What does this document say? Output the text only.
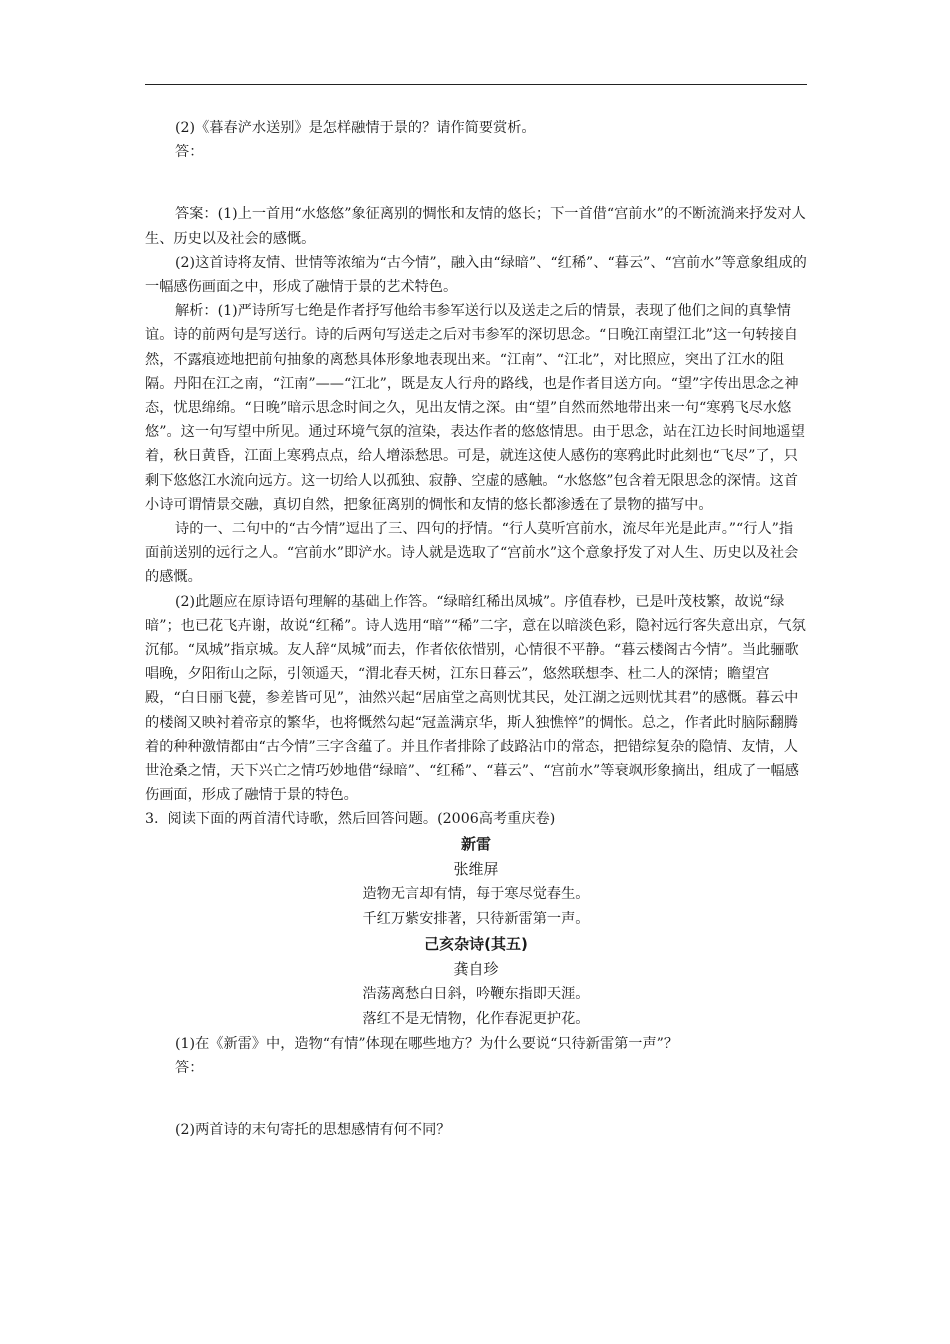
(2)《暮春浐水送别》是怎样融情于景的？请作简要赏析。

答：

答案：(1)上一首用“水悠悠”象征离别的惆怅和友情的悠长；下一首借“宫前水”的不断流淌来抒发对人生、历史以及社会的感慨。

(2)这首诗将友情、世情等浓缩为“古今情”，融入由“绿暗”、“红稀”、“暮云”、“宫前水”等意象组成的一幅感伤画面之中，形成了融情于景的艺术特色。

解析：(1)严诗所写七绝是作者抒写他给韦参军送行以及送走之后的情景，表现了他们之间的真挚情谊。诗的前两句是写送行。诗的后两句写送走之后对韦参军的深切思念。“日晚江南望江北”这一句转接自然，不露痕迹地把前句抽象的离愁具体形象地表现出来。“江南”、“江北”，对比照应，突出了江水的阻隔。丹阳在江之南，“江南”——“江北”，既是友人行舟的路线，也是作者目送方向。“望”字传出思念之神态，忧思绵绵。“日晚”暗示思念时间之久，见出友情之深。由“望”自然而然地带出来一句“寒鸦飞尽水悠悠”。这一句写望中所见。通过环境气氛的渲染，表达作者的悠悠情思。由于思念，站在江边长时间地遥望着，秋日黄昏，江面上寒鸦点点，给人增添愁思。可是，就连这使人感伤的寒鸦此时此刻也“飞尽”了，只剩下悠悠江水流向远方。这一切给人以孤独、寂静、空虚的感触。“水悠悠”包含着无限思念的深情。这首小诗可谓情景交融，真切自然，把象征离别的惆怅和友情的悠长都渗透在了景物的描写中。

诗的一、二句中的“古今情”逗出了三、四句的抒情。“行人莫听宫前水，流尽年光是此声。”“行人”指面前送别的远行之人。“宫前水”即浐水。诗人就是选取了“宫前水”这个意象抒发了对人生、历史以及社会的感慨。

(2)此题应在原诗语句理解的基础上作答。“绿暗红稀出凤城”。序值春杪，已是叶茂枝繁，故说“绿暗”；也已花飞卉谢，故说“红稀”。诗人选用“暗”“稀”二字，意在以暗淡色彩，隐衬远行客失意出京，气氛沉郁。“凤城”指京城。友人辞“凤城”而去，作者依依惜别，心情很不平静。“暮云楼阁古今情”。当此骊歌唱晚，夕阳衔山之际，引领遥天，“渭北春天树，江东日暮云”，悠然联想李、杜二人的深情；瞻望宫殿，“白日丽飞甍，参差皆可见”，油然兴起“居庙堂之高则忧其民，处江湖之远则忧其君”的感慨。暮云中的楼阁又映衬着帝京的繁华，也将慨然勾起“冠盖满京华，斯人独憔悴”的惆怅。总之，作者此时脑际翻腾着的种种激情都由“古今情”三字含蕴了。并且作者排除了歧路沾巾的常态，把错综复杂的隐情、友情，人世沧桑之情，天下兴亡之情巧妙地借“绿暗”、“红稀”、“暮云”、“宫前水”等衰飒形象摘出，组成了一幅感伤画面，形成了融情于景的特色。

3.  阅读下面的两首清代诗歌，然后回答问题。(2006高考重庆卷)

新雷

张维屏

造物无言却有情，每于寒尽觉春生。

千红万紫安排著，只待新雷第一声。

己亥杂诗(其五)

龚自珍

浩荡离愁白日斜，吟鞭东指即天涯。

落红不是无情物，化作春泥更护花。

(1)在《新雷》中，造物“有情”体现在哪些地方？为什么要说“只待新雷第一声”？

答：

(2)两首诗的末句寄托的思想感情有何不同？
